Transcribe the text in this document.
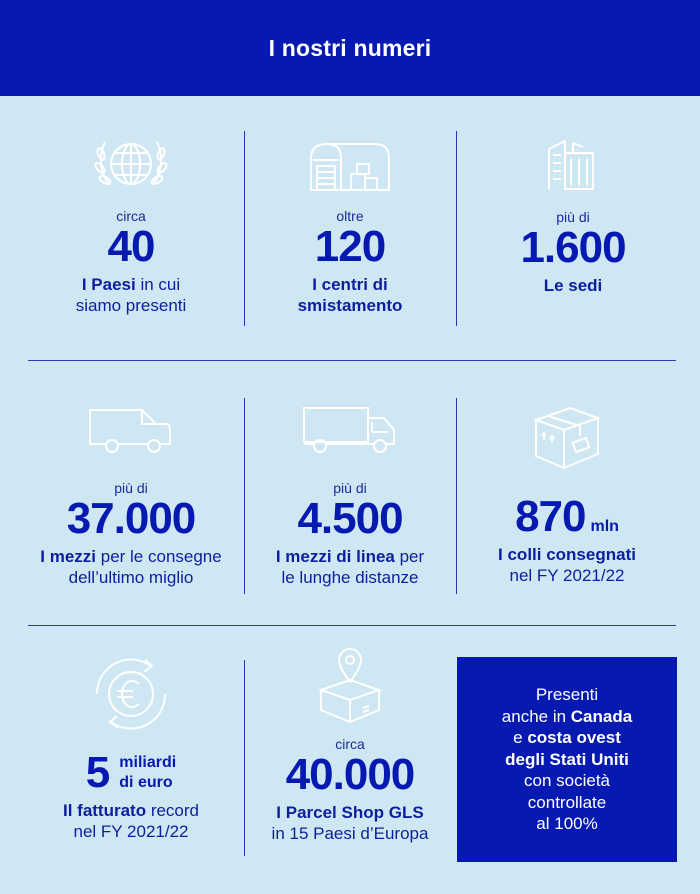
I nostri numeri
circa
40
I Paesi in cui
siamo presenti
oltre
120
I centri di
smistamento
più di
1.600
Le sedi
più di
37.000
I mezzi per le consegne
dell’ultimo miglio
più di
4.500
I mezzi di linea per
le lunghe distanze
870 mln
I colli consegnati
nel FY 2021/22
5 miliardi
di euro
Il fatturato record
nel FY 2021/22
circa
40.000
I Parcel Shop GLS
in 15 Paesi d’Europa
Presenti
anche in Canada
e costa ovest
degli Stati Uniti
con società
controllate
al 100%
